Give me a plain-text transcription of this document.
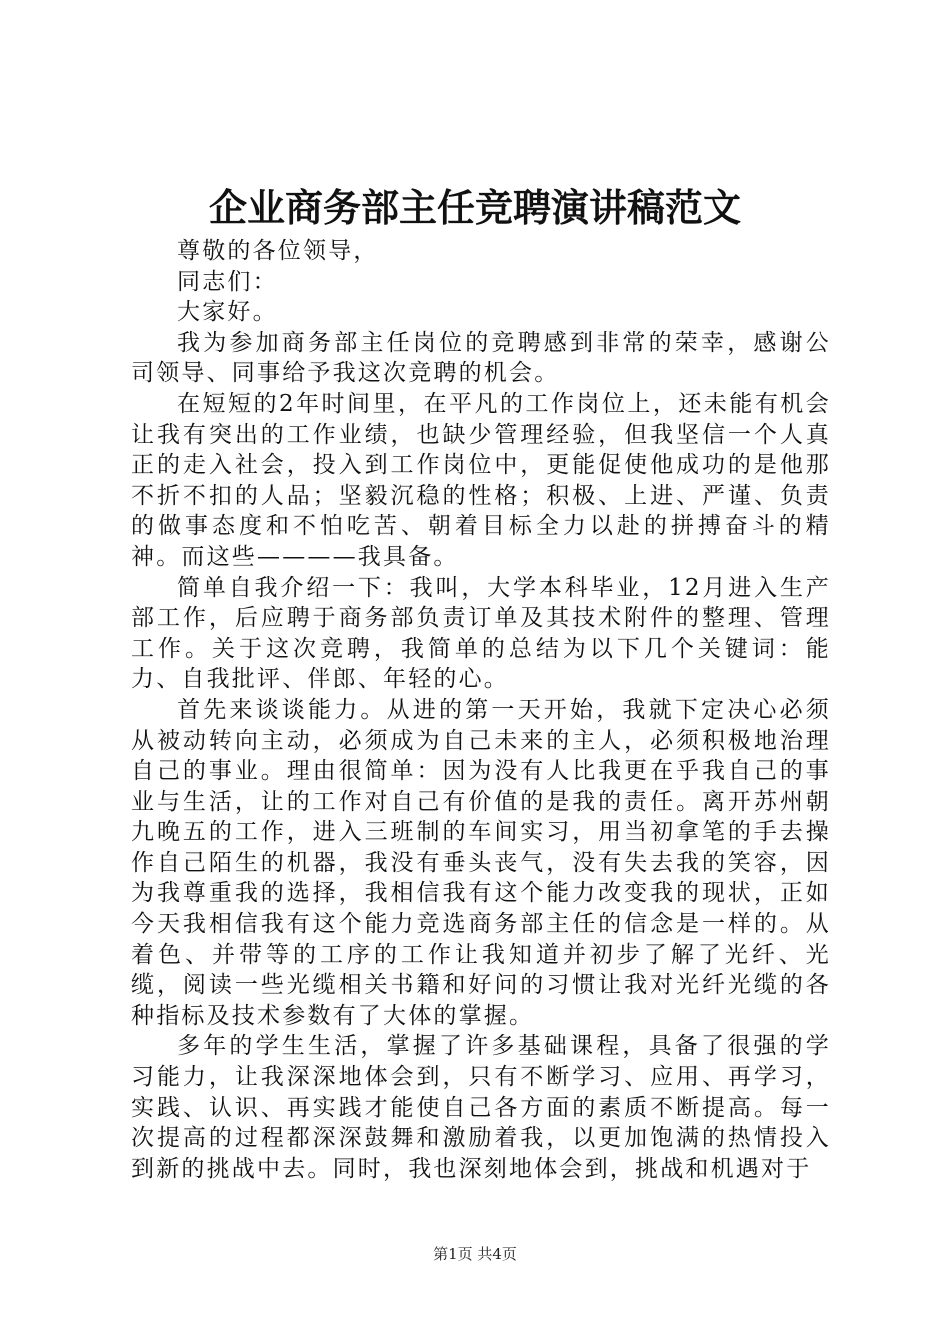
企业商务部主任竞聘演讲稿范文

尊敬的各位领导，

同志们：

大家好。

我为参加商务部主任岗位的竞聘感到非常的荣幸，感谢公司领导、同事给予我这次竞聘的机会。

在短短的2年时间里，在平凡的工作岗位上，还未能有机会让我有突出的工作业绩，也缺少管理经验，但我坚信一个人真正的走入社会，投入到工作岗位中，更能促使他成功的是他那不折不扣的人品；坚毅沉稳的性格；积极、上进、严谨、负责的做事态度和不怕吃苦、朝着目标全力以赴的拼搏奋斗的精神。而这些————我具备。

简单自我介绍一下：我叫，大学本科毕业，12月进入生产部工作，后应聘于商务部负责订单及其技术附件的整理、管理工作。关于这次竞聘，我简单的总结为以下几个关键词：能力、自我批评、伴郎、年轻的心。

首先来谈谈能力。从进的第一天开始，我就下定决心必须从被动转向主动，必须成为自己未来的主人，必须积极地治理自己的事业。理由很简单：因为没有人比我更在乎我自己的事业与生活，让的工作对自己有价值的是我的责任。离开苏州朝九晚五的工作，进入三班制的车间实习，用当初拿笔的手去操作自己陌生的机器，我没有垂头丧气，没有失去我的笑容，因为我尊重我的选择，我相信我有这个能力改变我的现状，正如今天我相信我有这个能力竞选商务部主任的信念是一样的。从着色、并带等的工序的工作让我知道并初步了解了光纤、光缆，阅读一些光缆相关书籍和好问的习惯让我对光纤光缆的各种指标及技术参数有了大体的掌握。

多年的学生生活，掌握了许多基础课程，具备了很强的学习能力，让我深深地体会到，只有不断学习、应用、再学习，实践、认识、再实践才能使自己各方面的素质不断提高。每一次提高的过程都深深鼓舞和激励着我，以更加饱满的热情投入到新的挑战中去。同时，我也深刻地体会到，挑战和机遇对于

第1页 共4页
